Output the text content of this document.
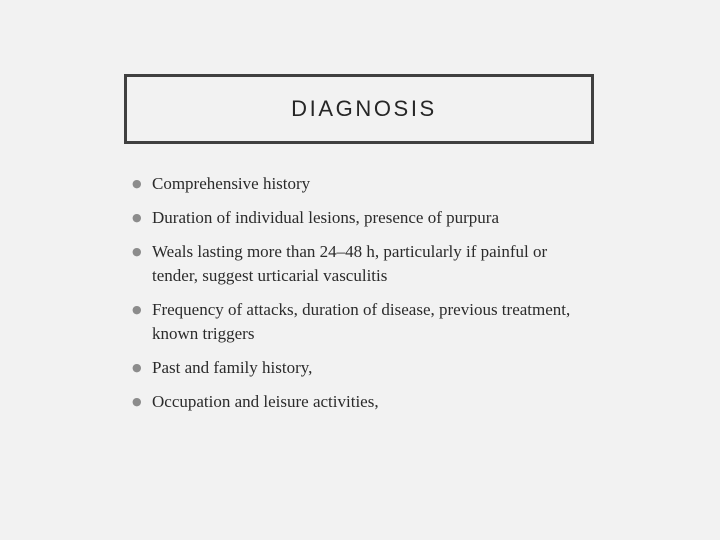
DIAGNOSIS
● Comprehensive history
● Duration of individual lesions, presence of purpura
● Weals lasting more than 24–48 h, particularly if painful or tender, suggest urticarial vasculitis
● Frequency of attacks, duration of disease, previous treatment, known triggers
● Past and family history,
● Occupation and leisure activities,
